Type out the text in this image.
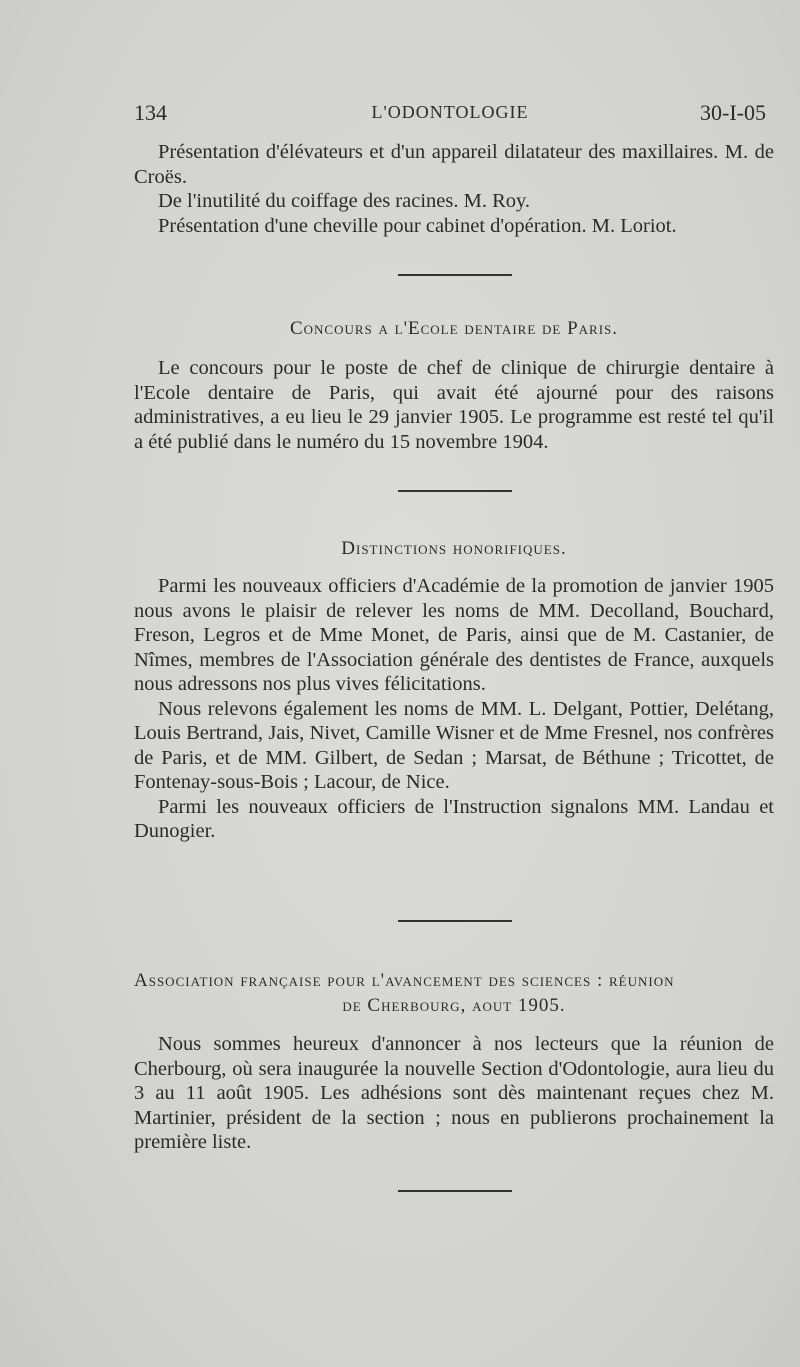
134	L'ODONTOLOGIE	30-I-05

Présentation d'élévateurs et d'un appareil dilatateur des maxillaires. M. de Croës.

De l'inutilité du coiffage des racines. M. Roy.

Présentation d'une cheville pour cabinet d'opération. M. Loriot.

Concours a l'Ecole dentaire de Paris.

Le concours pour le poste de chef de clinique de chirurgie dentaire à l'Ecole dentaire de Paris, qui avait été ajourné pour des raisons administratives, a eu lieu le 29 janvier 1905. Le programme est resté tel qu'il a été publié dans le numéro du 15 novembre 1904.

Distinctions honorifiques.

Parmi les nouveaux officiers d'Académie de la promotion de janvier 1905 nous avons le plaisir de relever les noms de MM. Decolland, Bouchard, Freson, Legros et de Mme Monet, de Paris, ainsi que de M. Castanier, de Nîmes, membres de l'Association générale des dentistes de France, auxquels nous adressons nos plus vives félicitations.

Nous relevons également les noms de MM. L. Delgant, Pottier, Delétang, Louis Bertrand, Jais, Nivet, Camille Wisner et de Mme Fresnel, nos confrères de Paris, et de MM. Gilbert, de Sedan ; Marsat, de Béthune ; Tricottet, de Fontenay-sous-Bois ; Lacour, de Nice.

Parmi les nouveaux officiers de l'Instruction signalons MM. Landau et Dunogier.

Association française pour l'avancement des sciences : réunion
de Cherbourg, aout 1905.

Nous sommes heureux d'annoncer à nos lecteurs que la réunion de Cherbourg, où sera inaugurée la nouvelle Section d'Odontologie, aura lieu du 3 au 11 août 1905. Les adhésions sont dès maintenant reçues chez M. Martinier, président de la section ; nous en publierons prochainement la première liste.
